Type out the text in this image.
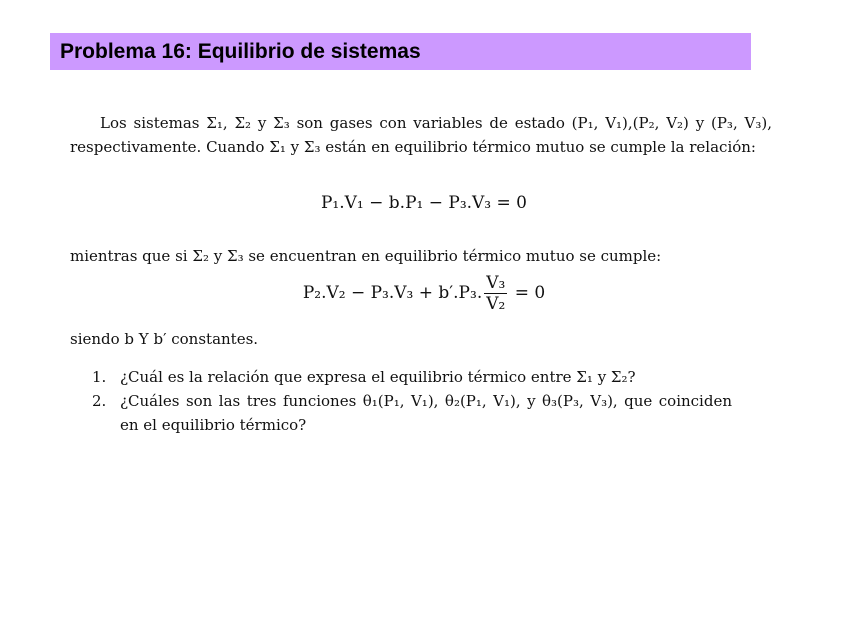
Problema 16: Equilibrio de sistemas

Los sistemas Σ₁, Σ₂ y Σ₃ son gases con variables de estado (P₁, V₁),(P₂, V₂) y (P₃, V₃), respectivamente. Cuando Σ₁ y Σ₃ están en equilibrio térmico mutuo se cumple la relación:

P₁.V₁ − b.P₁ − P₃.V₃ = 0

mientras que si Σ₂ y Σ₃ se encuentran en equilibrio térmico mutuo se cumple:

P₂.V₂ − P₃.V₃ + b′.P₃. $\frac{\text{V₃}}{\text{V₂}} = 0$

siendo b Y b′ constantes.

1. ¿Cuál es la relación que expresa el equilibrio térmico entre Σ₁ y Σ₂?
2. ¿Cuáles son las tres funciones θ₁(P₁, V₁), θ₂(P₁, V₁), y θ₃(P₃, V₃), que coinciden en el equilibrio térmico?
